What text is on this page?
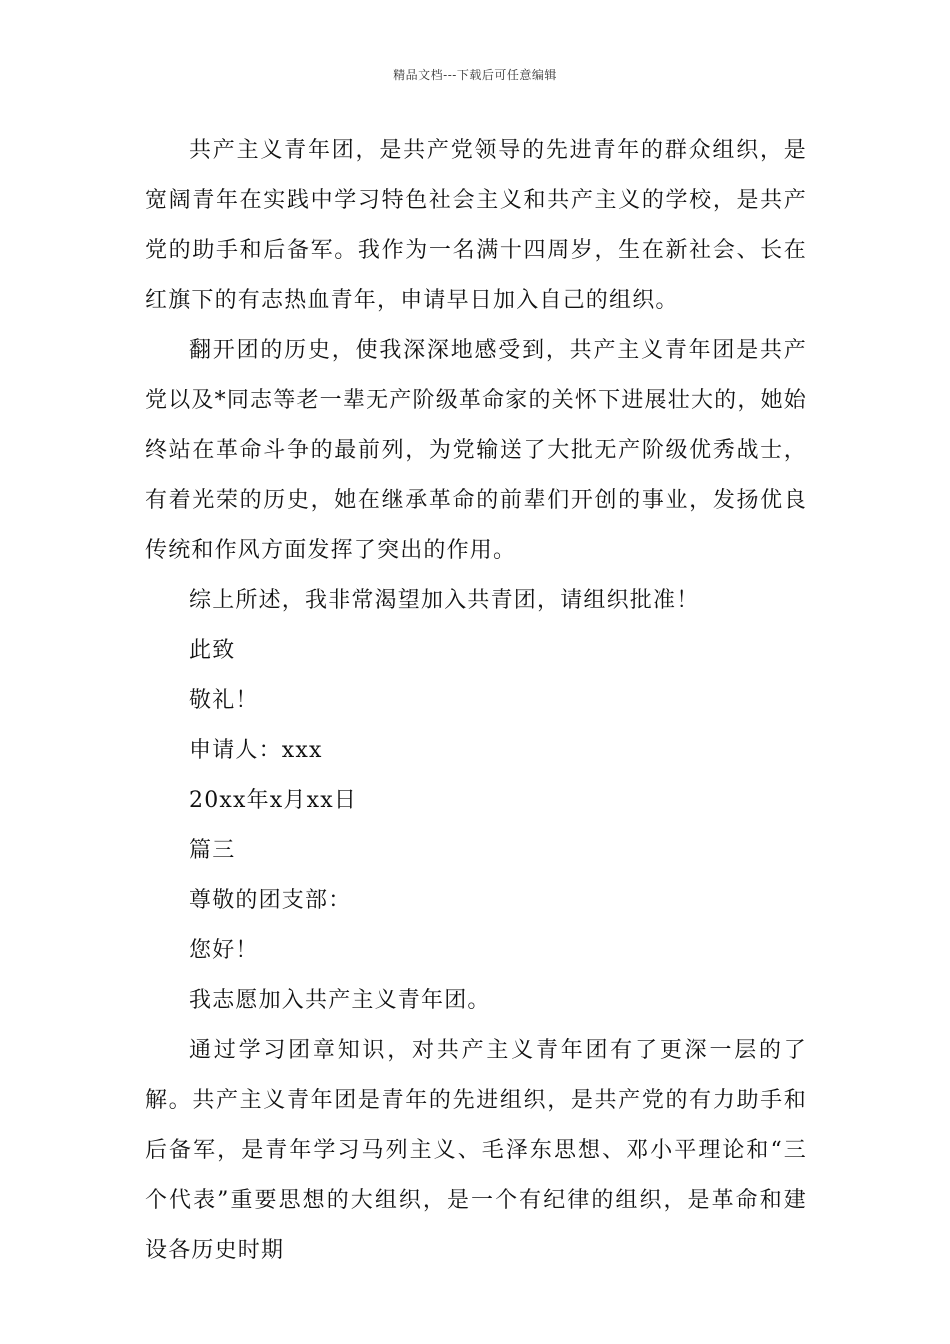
精品文档---下载后可任意编辑

共产主义青年团，是共产党领导的先进青年的群众组织，是宽阔青年在实践中学习特色社会主义和共产主义的学校，是共产党的助手和后备军。我作为一名满十四周岁，生在新社会、长在红旗下的有志热血青年，申请早日加入自己的组织。

翻开团的历史，使我深深地感受到，共产主义青年团是共产党以及*同志等老一辈无产阶级革命家的关怀下进展壮大的，她始终站在革命斗争的最前列，为党输送了大批无产阶级优秀战士，有着光荣的历史，她在继承革命的前辈们开创的事业，发扬优良传统和作风方面发挥了突出的作用。

综上所述，我非常渴望加入共青团，请组织批准！

此致

敬礼！

申请人：xxx

20xx年x月xx日

篇三

尊敬的团支部：

您好！

我志愿加入共产主义青年团。

通过学习团章知识，对共产主义青年团有了更深一层的了解。共产主义青年团是青年的先进组织，是共产党的有力助手和后备军，是青年学习马列主义、毛泽东思想、邓小平理论和“三个代表”重要思想的大组织，是一个有纪律的组织，是革命和建设各历史时期
